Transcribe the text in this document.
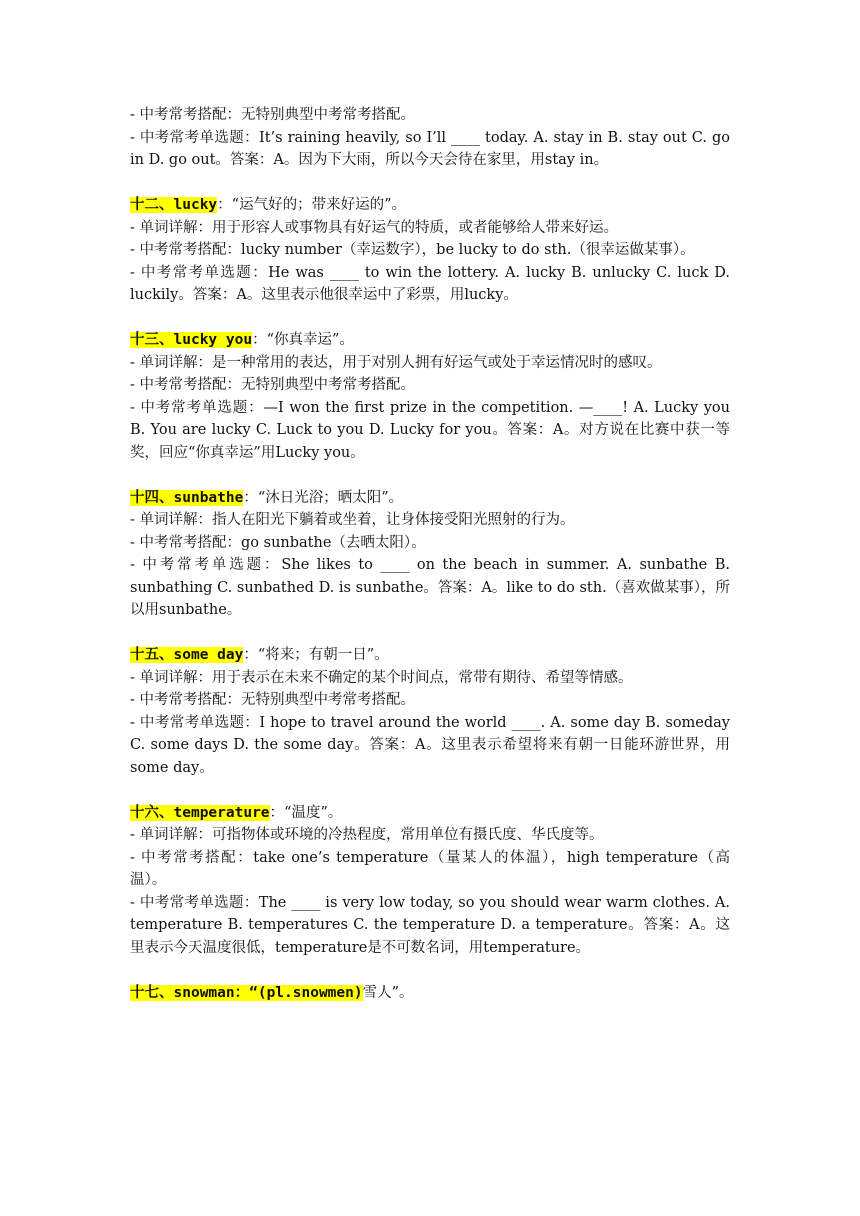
- 中考常考搭配：无特别典型中考常考搭配。
- 中考常考单选题：It’s raining heavily, so I’ll ____ today. A. stay in B. stay out C. go in D. go out。答案：A。因为下大雨，所以今天会待在家里，用stay in。
十二、lucky：“运气好的；带来好运的”。
- 单词详解：用于形容人或事物具有好运气的特质，或者能够给人带来好运。
- 中考常考搭配：lucky number（幸运数字），be lucky to do sth.（很幸运做某事）。
- 中考常考单选题：He was ____ to win the lottery. A. lucky B. unlucky C. luck D. luckily。答案：A。这里表示他很幸运中了彩票，用lucky。
十三、lucky you：“你真幸运”。
- 单词详解：是一种常用的表达，用于对别人拥有好运气或处于幸运情况时的感叹。
- 中考常考搭配：无特别典型中考常考搭配。
- 中考常考单选题：—I won the first prize in the competition. —____! A. Lucky you B. You are lucky C. Luck to you D. Lucky for you。答案：A。对方说在比赛中获一等奖，回应“你真幸运”用Lucky you。
十四、sunbathe：“沐日光浴；晒太阳”。
- 单词详解：指人在阳光下躺着或坐着，让身体接受阳光照射的行为。
- 中考常考搭配：go sunbathe（去晒太阳）。
- 中考常考单选题：She likes to ____ on the beach in summer. A. sunbathe B. sunbathing C. sunbathed D. is sunbathe。答案：A。like to do sth.（喜欢做某事），所以用sunbathe。
十五、some day：“将来；有朝一日”。
- 单词详解：用于表示在未来不确定的某个时间点，常带有期待、希望等情感。
- 中考常考搭配：无特别典型中考常考搭配。
- 中考常考单选题：I hope to travel around the world ____. A. some day B. someday C. some days D. the some day。答案：A。这里表示希望将来有朝一日能环游世界，用some day。
十六、temperature：“温度”。
- 单词详解：可指物体或环境的冷热程度，常用单位有摄氏度、华氏度等。
- 中考常考搭配：take one’s temperature（量某人的体温），high temperature（高温）。
- 中考常考单选题：The ____ is very low today, so you should wear warm clothes. A. temperature B. temperatures C. the temperature D. a temperature。答案：A。这里表示今天温度很低，temperature是不可数名词，用temperature。
十七、snowman：“(pl.snowmen)雪人”。
